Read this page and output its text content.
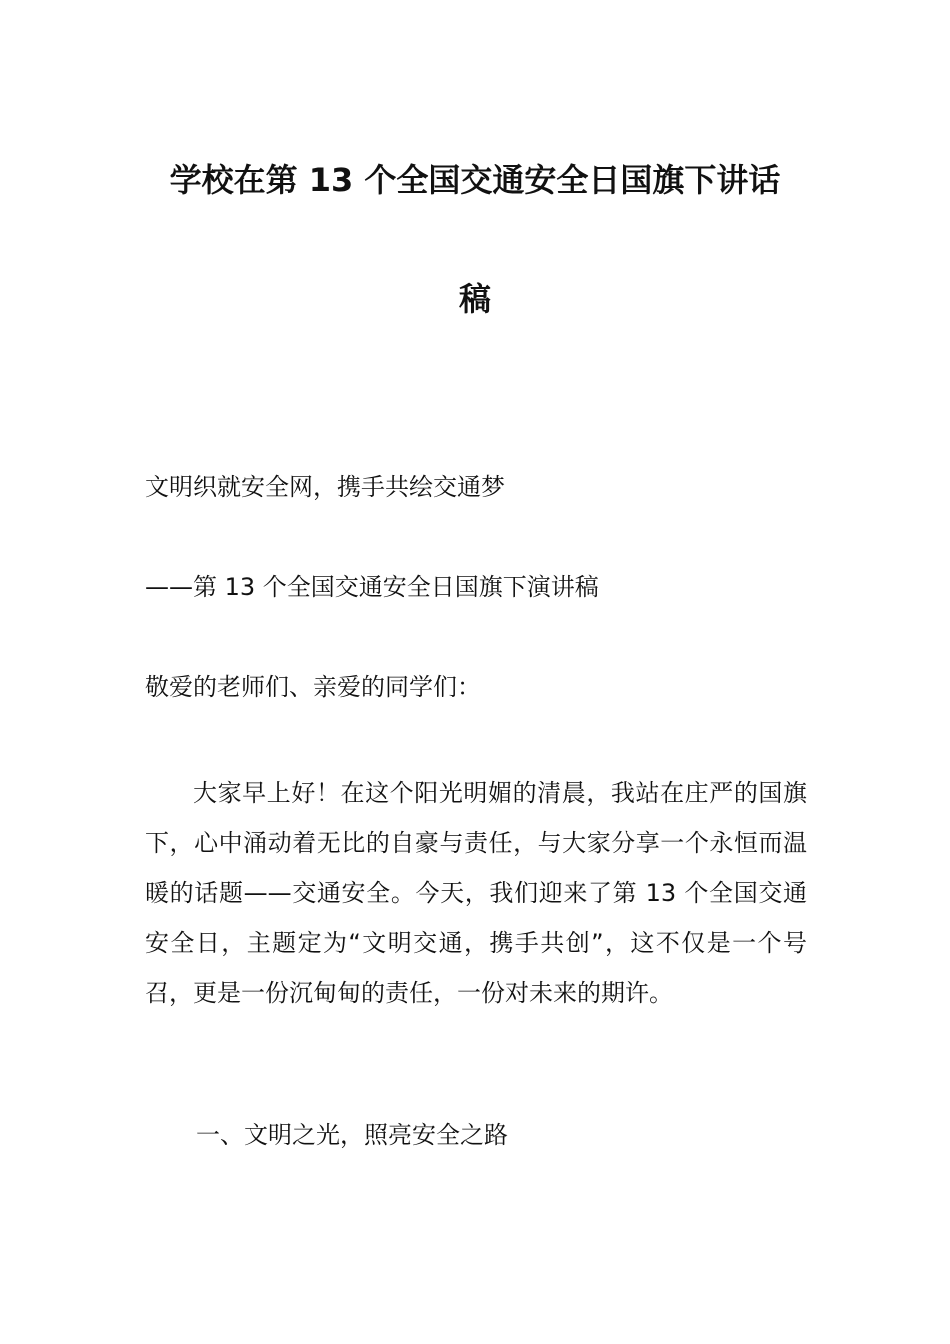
学校在第 13 个全国交通安全日国旗下讲话
稿
文明织就安全网，携手共绘交通梦
——第 13 个全国交通安全日国旗下演讲稿
敬爱的老师们、亲爱的同学们：
大家早上好！在这个阳光明媚的清晨，我站在庄严的国旗下，心中涌动着无比的自豪与责任，与大家分享一个永恒而温暖的话题——交通安全。今天，我们迎来了第 13 个全国交通安全日，主题定为“文明交通，携手共创”，这不仅是一个号召，更是一份沉甸甸的责任，一份对未来的期许。
一、文明之光，照亮安全之路
